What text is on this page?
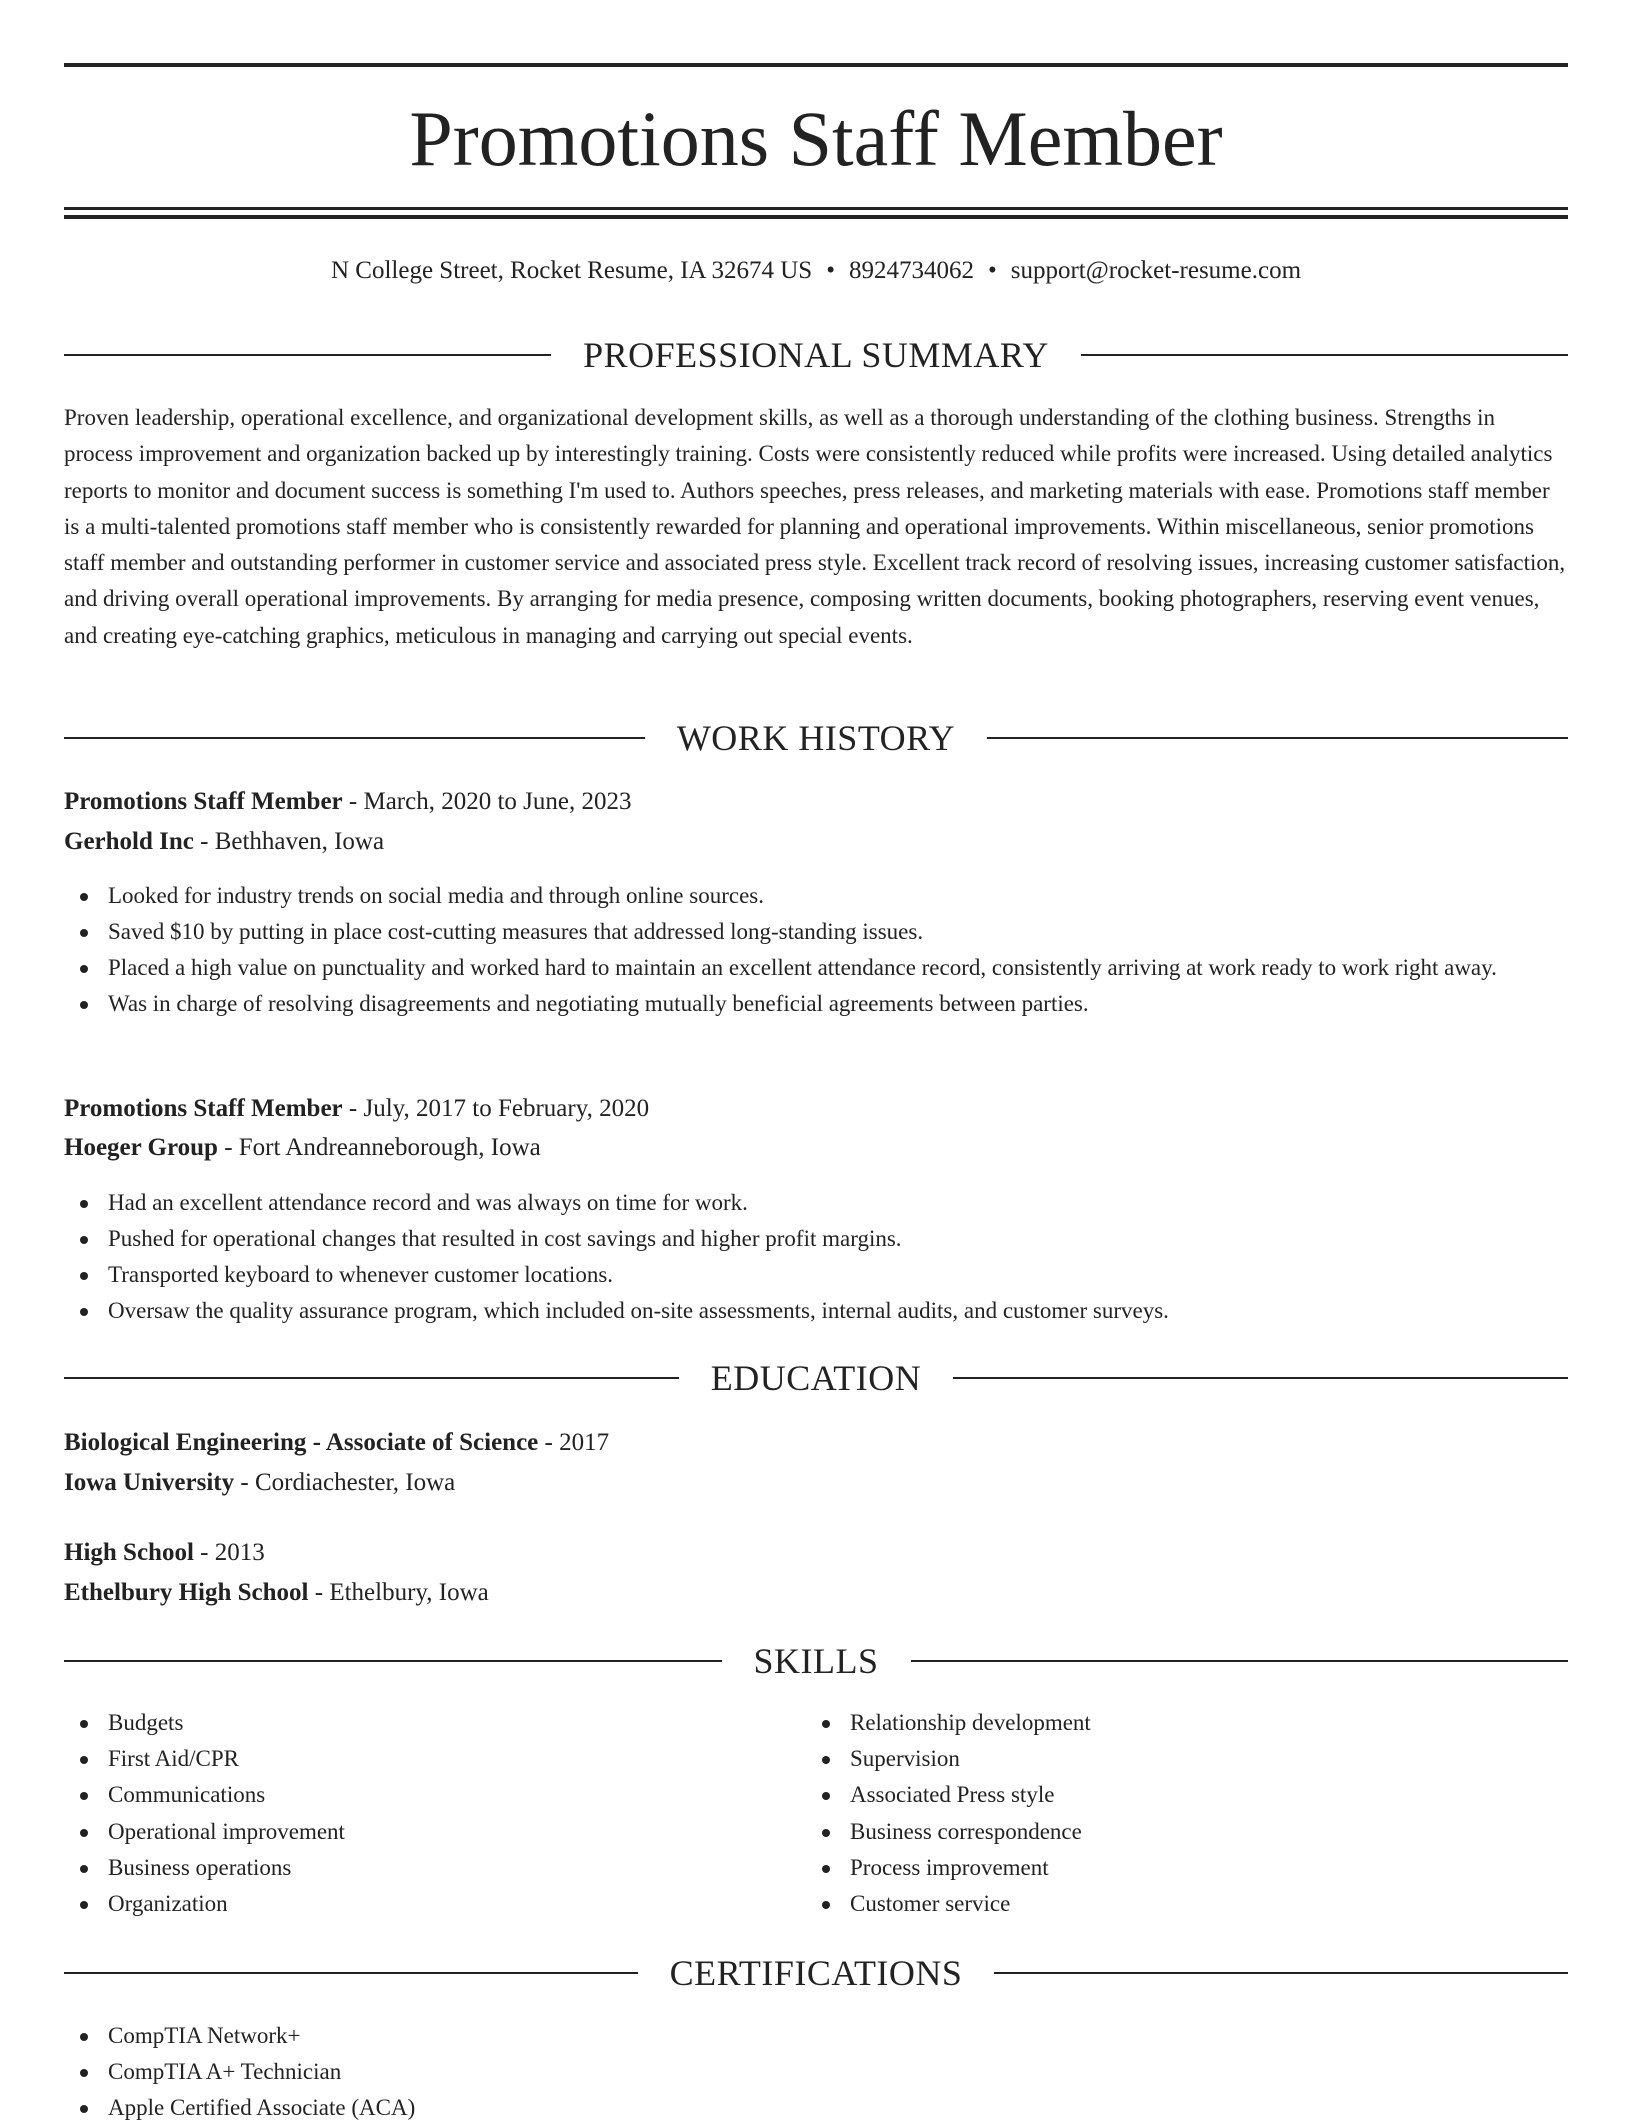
Promotions Staff Member
N College Street, Rocket Resume, IA 32674 US • 8924734062 • support@rocket-resume.com
PROFESSIONAL SUMMARY

Proven leadership, operational excellence, and organizational development skills, as well as a thorough understanding of the clothing business. Strengths in process improvement and organization backed up by interestingly training. Costs were consistently reduced while profits were increased. Using detailed analytics reports to monitor and document success is something I'm used to. Authors speeches, press releases, and marketing materials with ease. Promotions staff member is a multi-talented promotions staff member who is consistently rewarded for planning and operational improvements. Within miscellaneous, senior promotions staff member and outstanding performer in customer service and associated press style. Excellent track record of resolving issues, increasing customer satisfaction, and driving overall operational improvements. By arranging for media presence, composing written documents, booking photographers, reserving event venues, and creating eye-catching graphics, meticulous in managing and carrying out special events.

WORK HISTORY
Promotions Staff Member - March, 2020 to June, 2023
Gerhold Inc - Bethhaven, Iowa
Looked for industry trends on social media and through online sources.
Saved $10 by putting in place cost-cutting measures that addressed long-standing issues.
Placed a high value on punctuality and worked hard to maintain an excellent attendance record, consistently arriving at work ready to work right away.
Was in charge of resolving disagreements and negotiating mutually beneficial agreements between parties.
Promotions Staff Member - July, 2017 to February, 2020
Hoeger Group - Fort Andreanneborough, Iowa
Had an excellent attendance record and was always on time for work.
Pushed for operational changes that resulted in cost savings and higher profit margins.
Transported keyboard to whenever customer locations.
Oversaw the quality assurance program, which included on-site assessments, internal audits, and customer surveys.
EDUCATION
Biological Engineering - Associate of Science - 2017
Iowa University - Cordiachester, Iowa
High School - 2013
Ethelbury High School - Ethelbury, Iowa
SKILLS
Budgets
First Aid/CPR
Communications
Operational improvement
Business operations
Organization
Relationship development
Supervision
Associated Press style
Business correspondence
Process improvement
Customer service
CERTIFICATIONS
CompTIA Network+
CompTIA A+ Technician
Apple Certified Associate (ACA)
